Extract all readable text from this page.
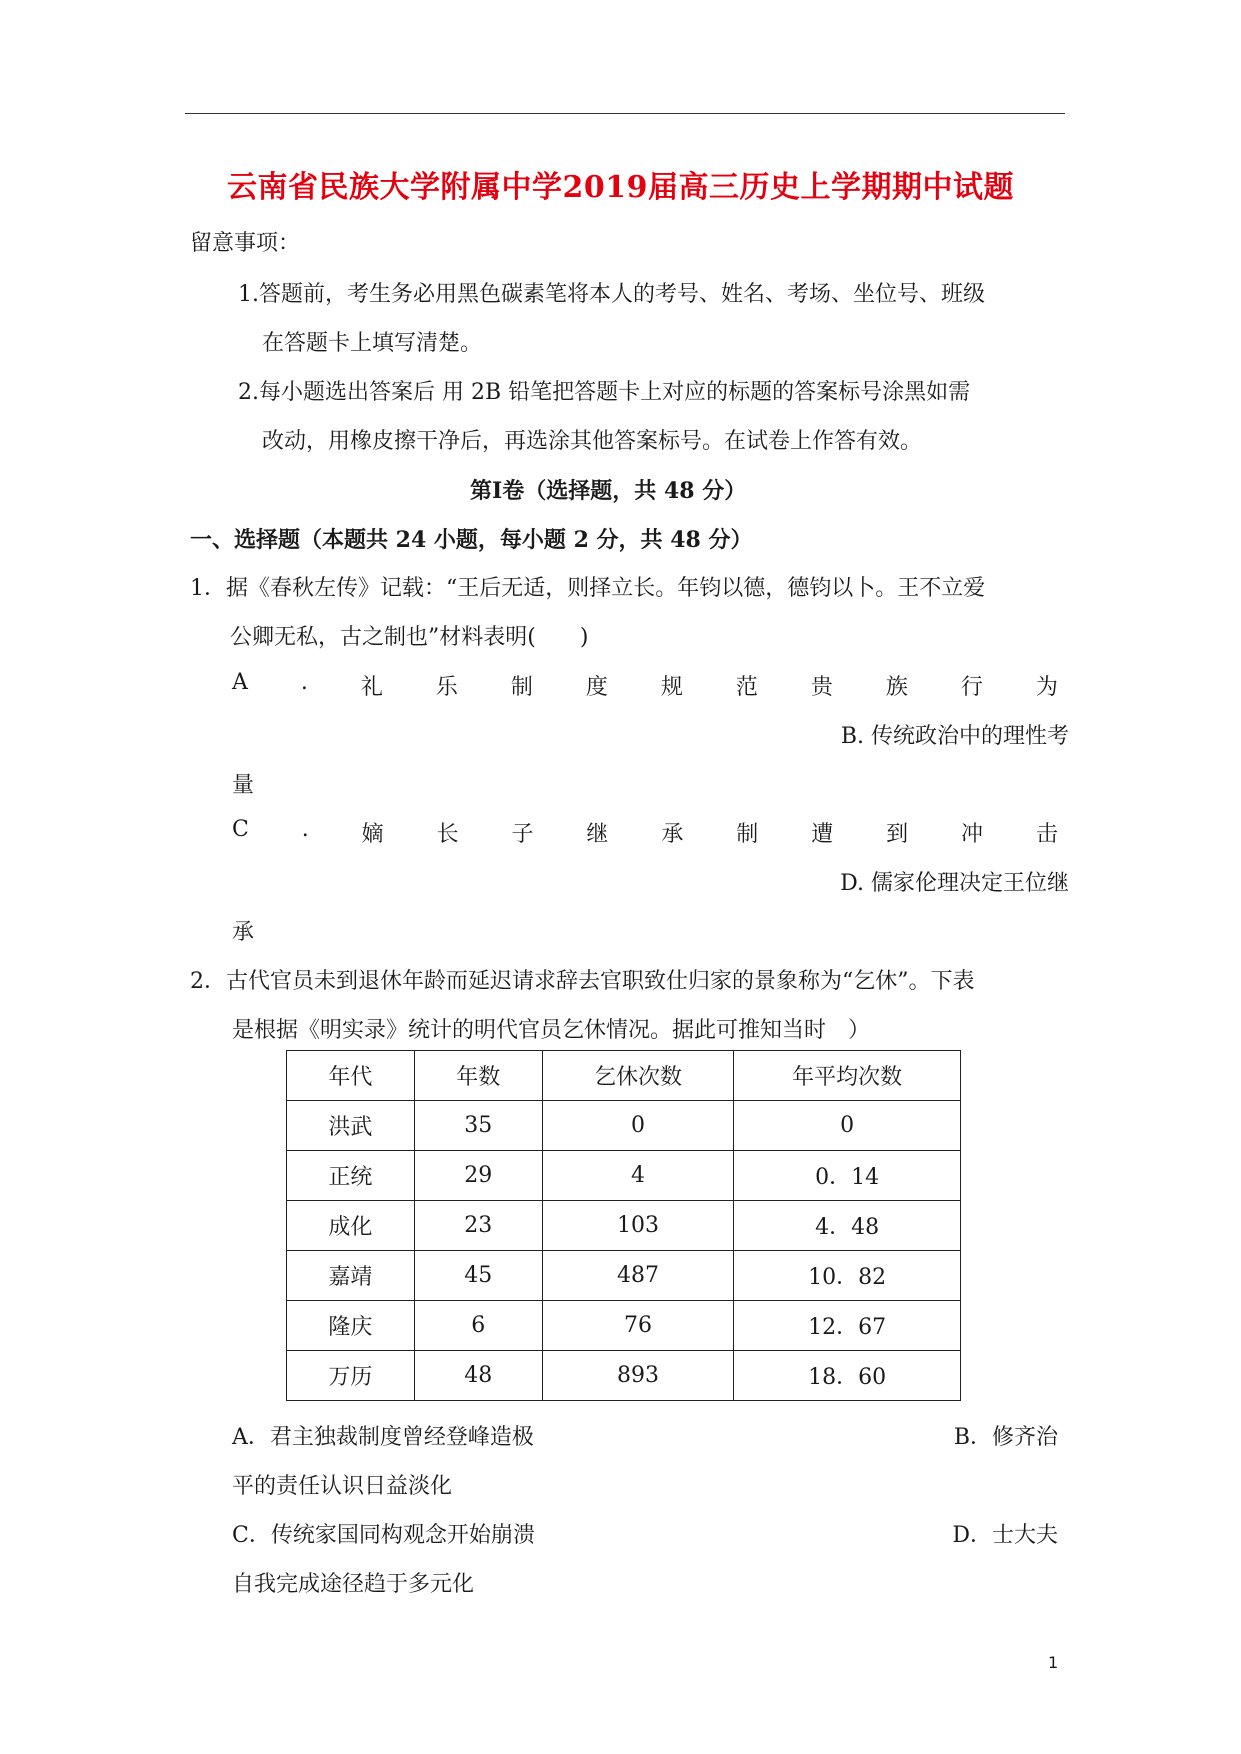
云南省民族大学附属中学2019届高三历史上学期期中试题
留意事项：
1.答题前，考生务必用黑色碳素笔将本人的考号、姓名、考场、坐位号、班级
在答题卡上填写清楚。
2.每小题选出答案后 用 2B 铅笔把答题卡上对应的标题的答案标号涂黑如需
改动，用橡皮擦干净后，再选涂其他答案标号。在试卷上作答有效。
第Ⅰ卷（选择题，共 48 分）
一、选择题（本题共 24 小题，每小题 2 分，共 48 分）
1．据《春秋左传》记载：“王后无适，则择立长。年钧以德，德钧以卜。王不立爱
公卿无私，古之制也”材料表明(　　)
A . 礼 乐 制 度 规 范 贵 族 行 为
B. 传统政治中的理性考
量
C . 嫡 长 子 继 承 制 遭 到 冲 击
D. 儒家伦理决定王位继
承
2．古代官员未到退休年龄而延迟请求辞去官职致仕归家的景象称为“乞休”。下表
是根据《明实录》统计的明代官员乞休情况。据此可推知当时　）
年代	年数	乞休次数	年平均次数
洪武	35	0	0
正统	29	4	0．14
成化	23	103	4．48
嘉靖	45	487	10．82
隆庆	6	76	12．67
万历	48	893	18．60
A．君主独裁制度曾经登峰造极	B．修齐治
平的责任认识日益淡化
C．传统家国同构观念开始崩溃	D．士大夫
自我完成途径趋于多元化
1
